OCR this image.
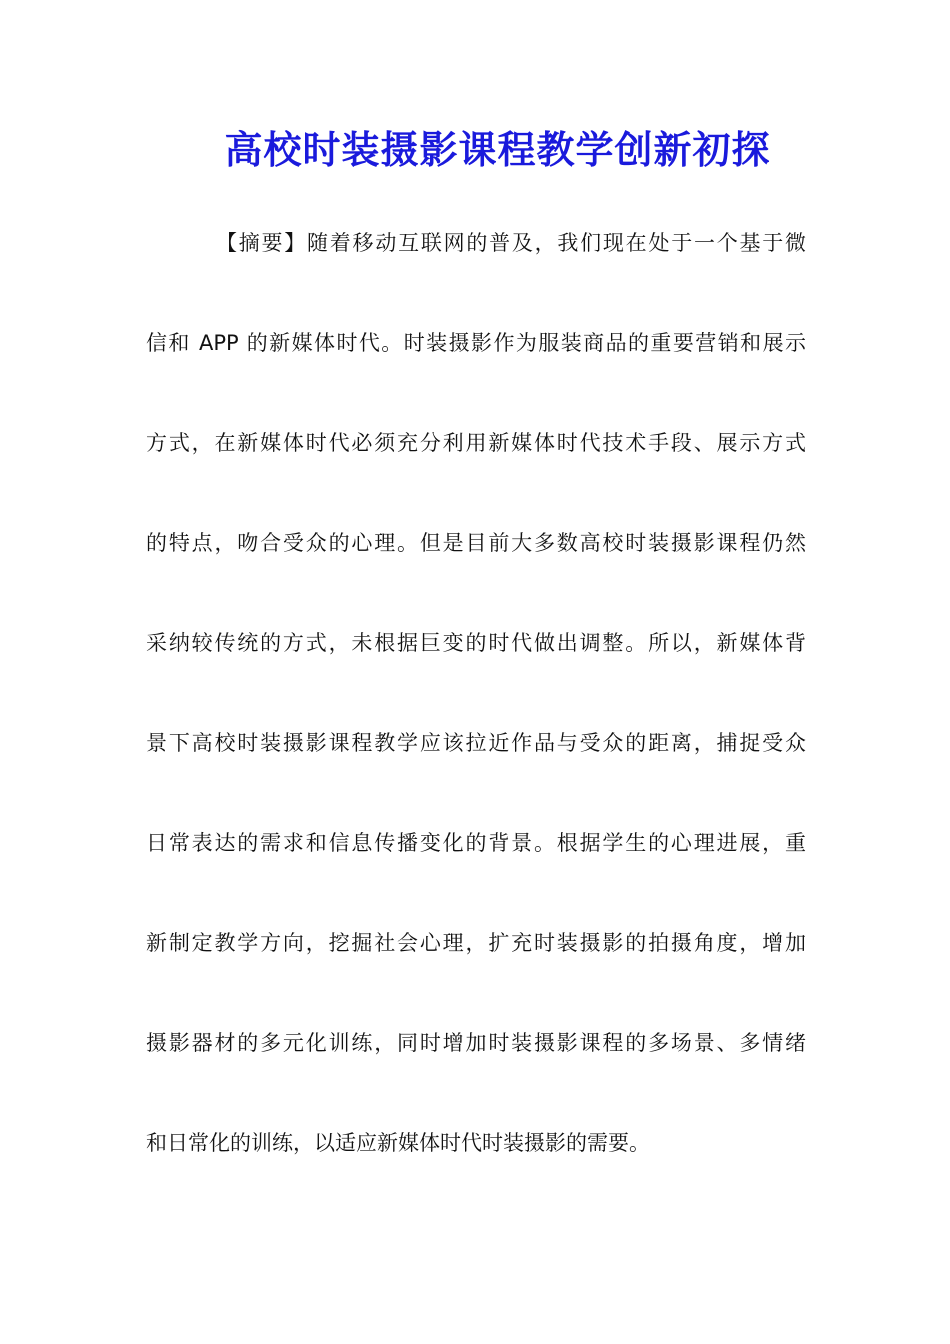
高校时装摄影课程教学创新初探
【摘要】随着移动互联网的普及，我们现在处于一个基于微
信和 APP 的新媒体时代。时装摄影作为服装商品的重要营销和展示
方式，在新媒体时代必须充分利用新媒体时代技术手段、展示方式
的特点，吻合受众的心理。但是目前大多数高校时装摄影课程仍然
采纳较传统的方式，未根据巨变的时代做出调整。所以，新媒体背
景下高校时装摄影课程教学应该拉近作品与受众的距离，捕捉受众
日常表达的需求和信息传播变化的背景。根据学生的心理进展，重
新制定教学方向，挖掘社会心理，扩充时装摄影的拍摄角度，增加
摄影器材的多元化训练，同时增加时装摄影课程的多场景、多情绪
和日常化的训练，以适应新媒体时代时装摄影的需要。
